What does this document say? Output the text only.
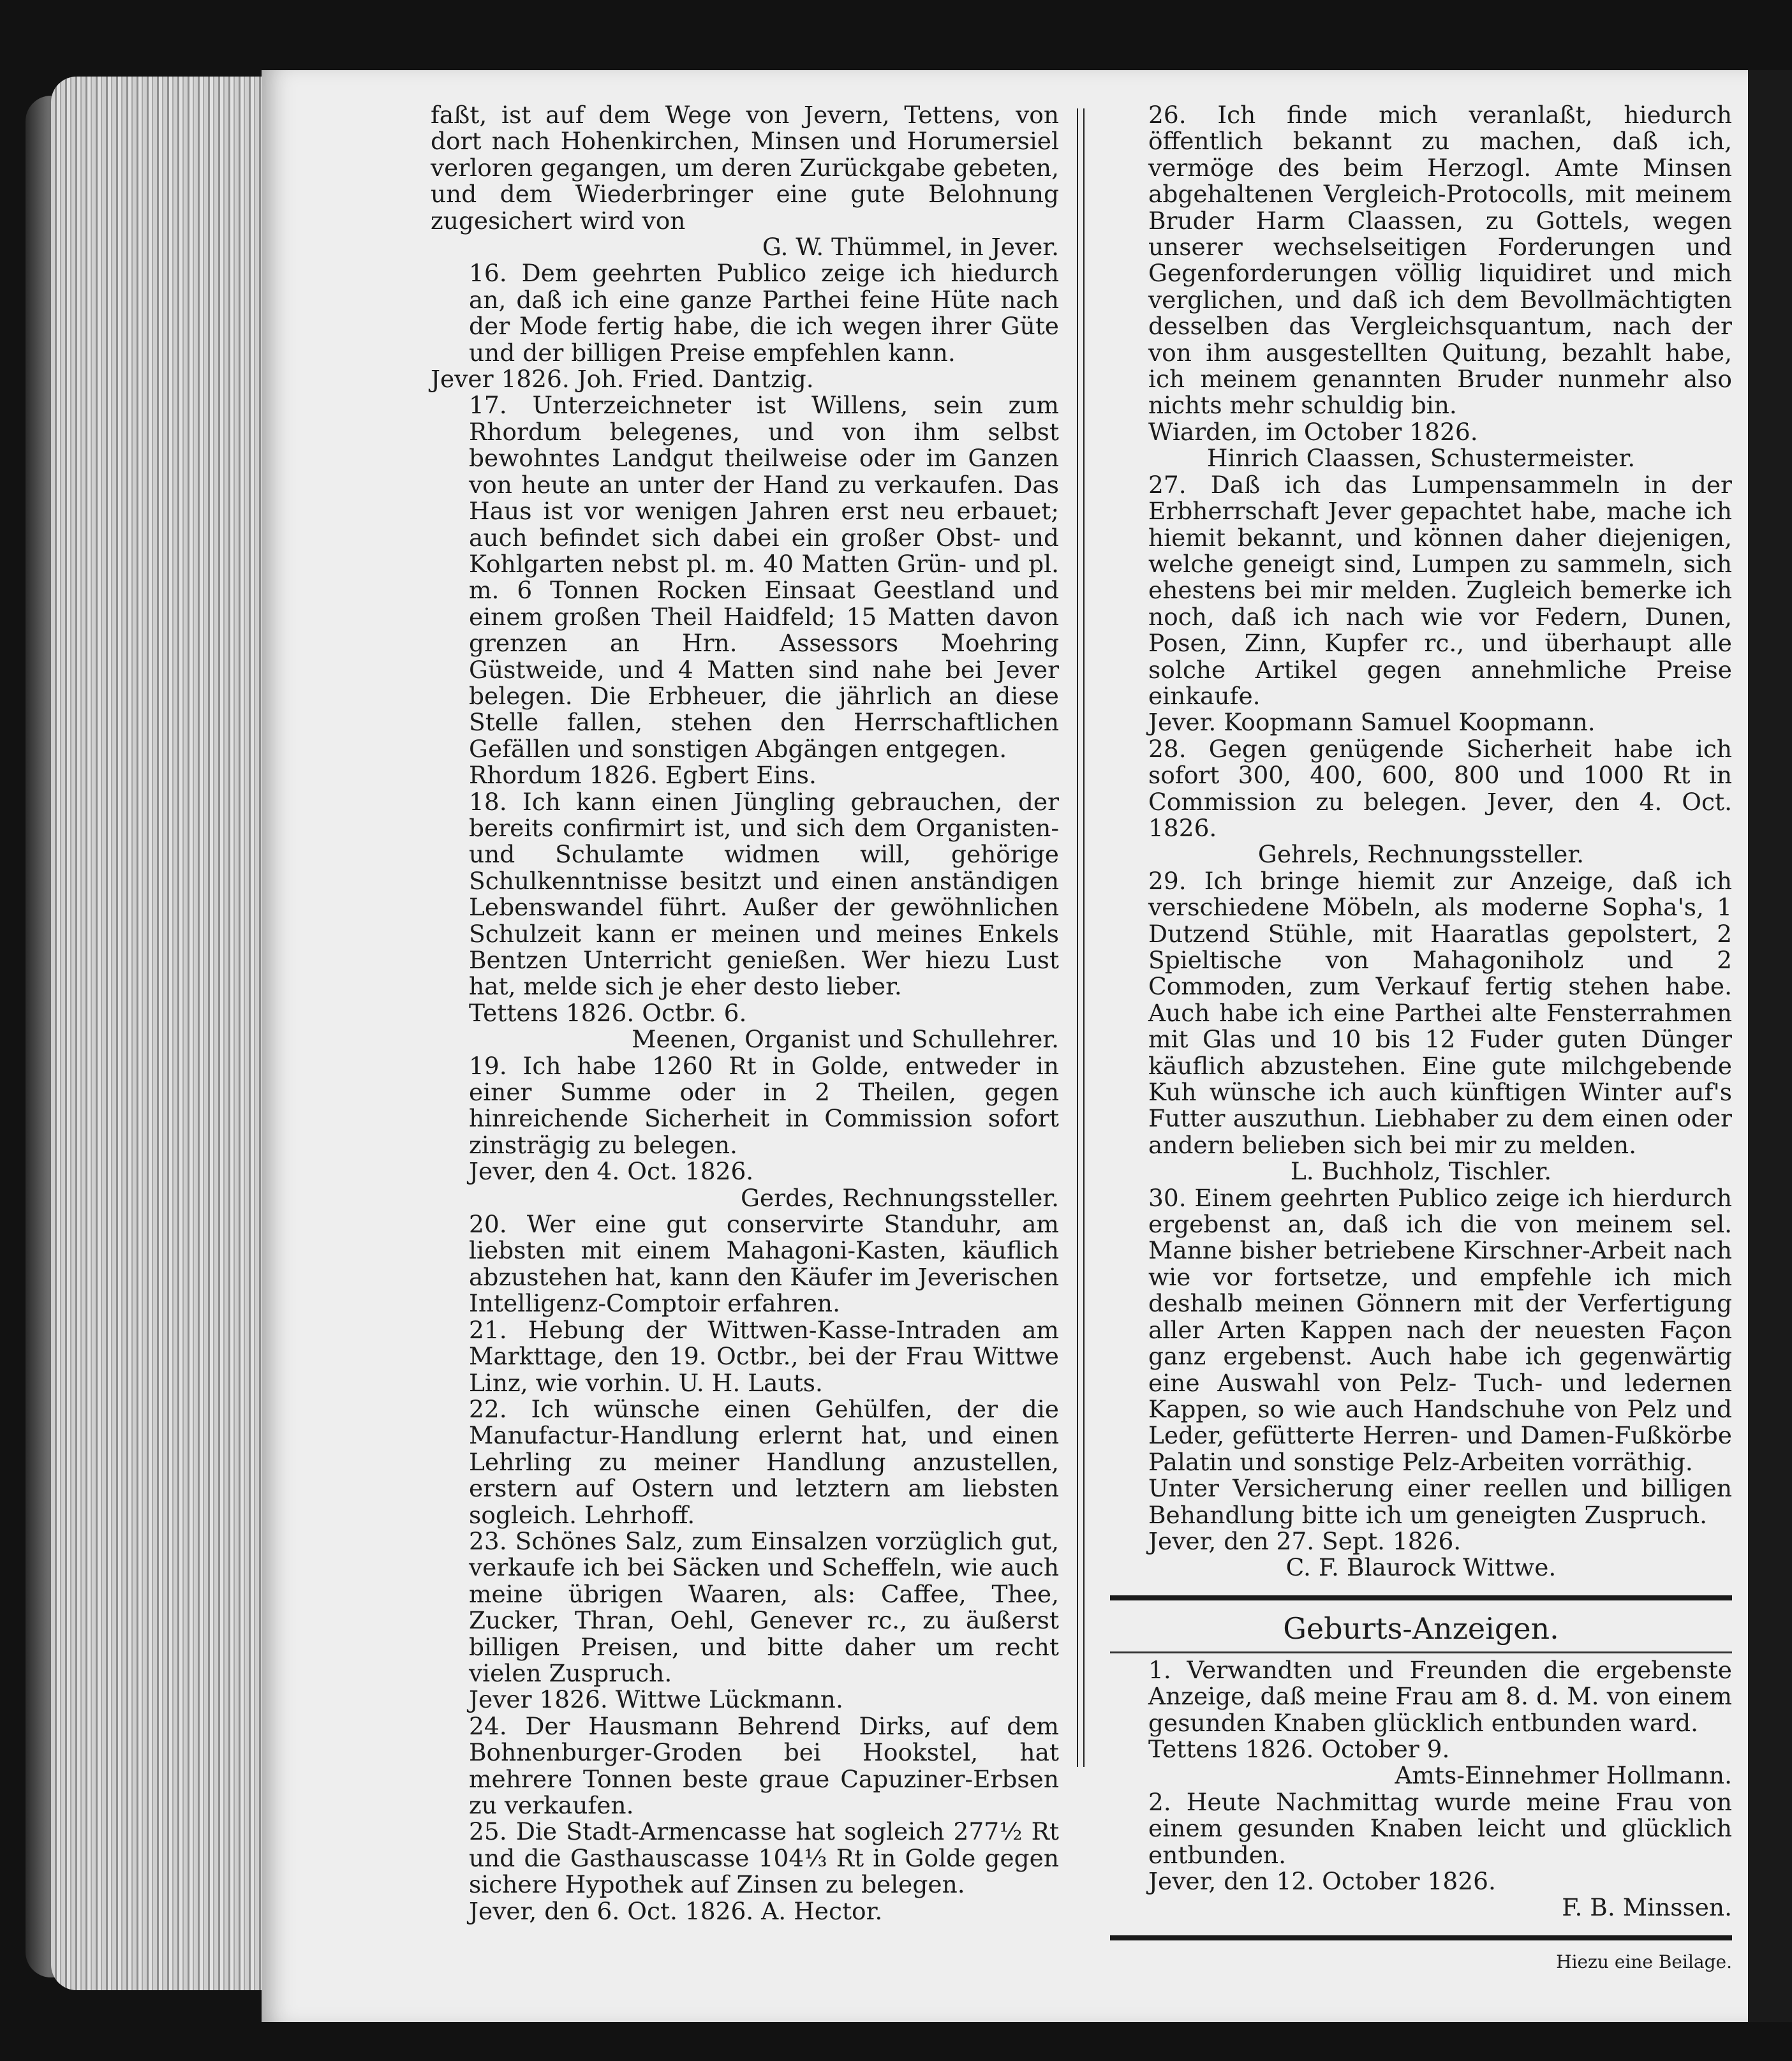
faßt, ist auf dem Wege von Jevern, Tettens, von dort nach Hohenkirchen, Minsen und Horumersiel verloren gegangen, um deren Zurückgabe gebeten, und dem Wiederbringer eine gute Belohnung zugesichert wird von

G. W. Thümmel, in Jever.

16. Dem geehrten Publico zeige ich hiedurch an, daß ich eine ganze Parthei feine Hüte nach der Mode fertig habe, die ich wegen ihrer Güte und der billigen Preise empfehlen kann.

Jever 1826. Joh. Fried. Dantzig.

17. Unterzeichneter ist Willens, sein zum Rhordum belegenes, und von ihm selbst bewohntes Landgut theilweise oder im Ganzen von heute an unter der Hand zu verkaufen. Das Haus ist vor wenigen Jahren erst neu erbauet; auch befindet sich dabei ein großer Obst- und Kohlgarten nebst pl. m. 40 Matten Grün- und pl. m. 6 Tonnen Rocken Einsaat Geestland und einem großen Theil Haidfeld; 15 Matten davon grenzen an Hrn. Assessors Moehring Güstweide, und 4 Matten sind nahe bei Jever belegen. Die Erbheuer, die jährlich an diese Stelle fallen, stehen den Herrschaftlichen Gefällen und sonstigen Abgängen entgegen.

Rhordum 1826. Egbert Eins.

18. Ich kann einen Jüngling gebrauchen, der bereits confirmirt ist, und sich dem Organisten- und Schulamte widmen will, gehörige Schulkenntnisse besitzt und einen anständigen Lebenswandel führt. Außer der gewöhnlichen Schulzeit kann er meinen und meines Enkels Bentzen Unterricht genießen. Wer hiezu Lust hat, melde sich je eher desto lieber.

Tettens 1826. Octbr. 6.

Meenen, Organist und Schullehrer.

19. Ich habe 1260 Rt in Golde, entweder in einer Summe oder in 2 Theilen, gegen hinreichende Sicherheit in Commission sofort zinsträgig zu belegen.

Jever, den 4. Oct. 1826.

Gerdes, Rechnungssteller.

20. Wer eine gut conservirte Standuhr, am liebsten mit einem Mahagoni-Kasten, käuflich abzustehen hat, kann den Käufer im Jeverischen Intelligenz-Comptoir erfahren.

21. Hebung der Wittwen-Kasse-Intraden am Markttage, den 19. Octbr., bei der Frau Wittwe Linz, wie vorhin. U. H. Lauts.

22. Ich wünsche einen Gehülfen, der die Manufactur-Handlung erlernt hat, und einen Lehrling zu meiner Handlung anzustellen, erstern auf Ostern und letztern am liebsten sogleich. Lehrhoff.

23. Schönes Salz, zum Einsalzen vorzüglich gut, verkaufe ich bei Säcken und Scheffeln, wie auch meine übrigen Waaren, als: Caffee, Thee, Zucker, Thran, Oehl, Genever rc., zu äußerst billigen Preisen, und bitte daher um recht vielen Zuspruch.

Jever 1826. Wittwe Lückmann.

24. Der Hausmann Behrend Dirks, auf dem Bohnenburger-Groden bei Hookstel, hat mehrere Tonnen beste graue Capuziner-Erbsen zu verkaufen.

25. Die Stadt-Armencasse hat sogleich 277½ Rt und die Gasthauscasse 104⅓ Rt in Golde gegen sichere Hypothek auf Zinsen zu belegen.

Jever, den 6. Oct. 1826. A. Hector.

26. Ich finde mich veranlaßt, hiedurch öffentlich bekannt zu machen, daß ich, vermöge des beim Herzogl. Amte Minsen abgehaltenen Vergleich-Protocolls, mit meinem Bruder Harm Claassen, zu Gottels, wegen unserer wechselseitigen Forderungen und Gegenforderungen völlig liquidiret und mich verglichen, und daß ich dem Bevollmächtigten desselben das Vergleichsquantum, nach der von ihm ausgestellten Quitung, bezahlt habe, ich meinem genannten Bruder nunmehr also nichts mehr schuldig bin.

Wiarden, im October 1826.

Hinrich Claassen, Schustermeister.

27. Daß ich das Lumpensammeln in der Erbherrschaft Jever gepachtet habe, mache ich hiemit bekannt, und können daher diejenigen, welche geneigt sind, Lumpen zu sammeln, sich ehestens bei mir melden. Zugleich bemerke ich noch, daß ich nach wie vor Federn, Dunen, Posen, Zinn, Kupfer rc., und überhaupt alle solche Artikel gegen annehmliche Preise einkaufe.

Jever. Koopmann Samuel Koopmann.

28. Gegen genügende Sicherheit habe ich sofort 300, 400, 600, 800 und 1000 Rt in Commission zu belegen. Jever, den 4. Oct. 1826.

Gehrels, Rechnungssteller.

29. Ich bringe hiemit zur Anzeige, daß ich verschiedene Möbeln, als moderne Sopha's, 1 Dutzend Stühle, mit Haaratlas gepolstert, 2 Spieltische von Mahagoniholz und 2 Commoden, zum Verkauf fertig stehen habe. Auch habe ich eine Parthei alte Fensterrahmen mit Glas und 10 bis 12 Fuder guten Dünger käuflich abzustehen. Eine gute milchgebende Kuh wünsche ich auch künftigen Winter auf's Futter auszuthun. Liebhaber zu dem einen oder andern belieben sich bei mir zu melden.

L. Buchholz, Tischler.

30. Einem geehrten Publico zeige ich hierdurch ergebenst an, daß ich die von meinem sel. Manne bisher betriebene Kirschner-Arbeit nach wie vor fortsetze, und empfehle ich mich deshalb meinen Gönnern mit der Verfertigung aller Arten Kappen nach der neuesten Façon ganz ergebenst. Auch habe ich gegenwärtig eine Auswahl von Pelz- Tuch- und ledernen Kappen, so wie auch Handschuhe von Pelz und Leder, gefütterte Herren- und Damen-Fußkörbe Palatin und sonstige Pelz-Arbeiten vorräthig.

Unter Versicherung einer reellen und billigen Behandlung bitte ich um geneigten Zuspruch.

Jever, den 27. Sept. 1826.

C. F. Blaurock Wittwe.

Geburts-Anzeigen.

1. Verwandten und Freunden die ergebenste Anzeige, daß meine Frau am 8. d. M. von einem gesunden Knaben glücklich entbunden ward.

Tettens 1826. October 9.

Amts-Einnehmer Hollmann.

2. Heute Nachmittag wurde meine Frau von einem gesunden Knaben leicht und glücklich entbunden.

Jever, den 12. October 1826.

F. B. Minssen.

Hiezu eine Beilage.
